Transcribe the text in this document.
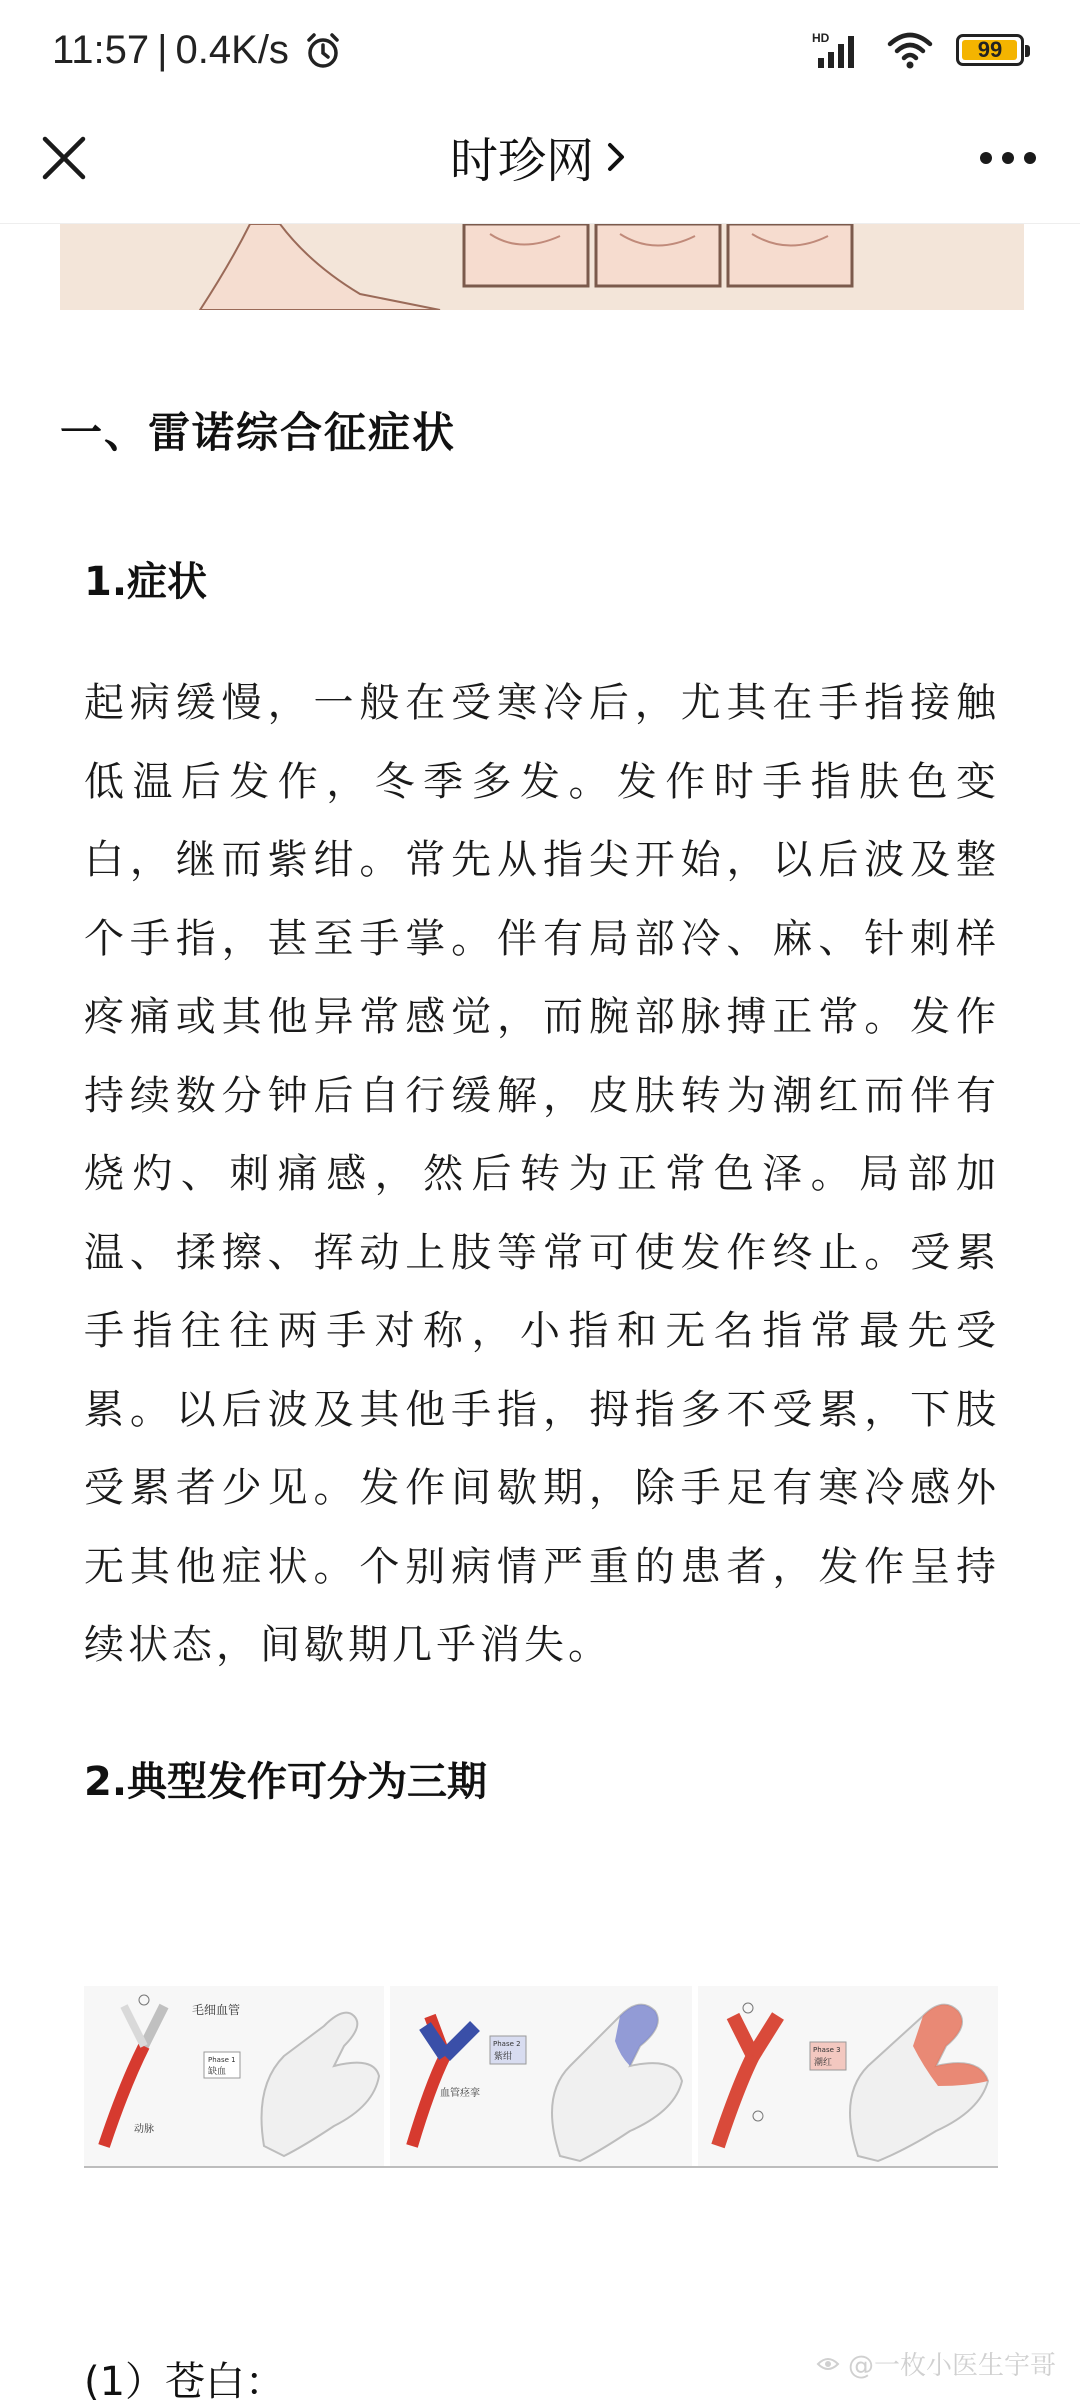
11:57 | 0.4K/s	HD	99
时珍网
一、雷诺综合征症状
1.症状
起病缓慢，一般在受寒冷后，尤其在手指接触低温后发作，冬季多发。发作时手指肤色变白，继而紫绀。常先从指尖开始，以后波及整个手指，甚至手掌。伴有局部冷、麻、针刺样疼痛或其他异常感觉，而腕部脉搏正常。发作持续数分钟后自行缓解，皮肤转为潮红而伴有烧灼、刺痛感，然后转为正常色泽。局部加温、揉擦、挥动上肢等常可使发作终止。受累手指往往两手对称，小指和无名指常最先受累。以后波及其他手指，拇指多不受累，下肢受累者少见。发作间歇期，除手足有寒冷感外无其他症状。个别病情严重的患者，发作呈持续状态，间歇期几乎消失。
2.典型发作可分为三期
毛细血管
Phase 1
缺血
动脉
血管痉挛
Phase 2
紫绀
Phase 3
潮红
(1）苍白：	@一枚小医生宇哥
